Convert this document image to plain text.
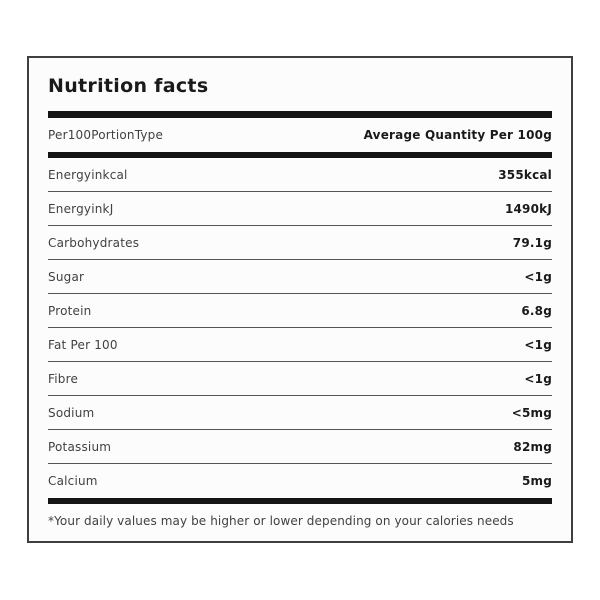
Nutrition facts
Per100PortionType	Average Quantity Per 100g
Energyinkcal	355kcal
EnergyinkJ	1490kJ
Carbohydrates	79.1g
Sugar	<1g
Protein	6.8g
Fat Per 100	<1g
Fibre	<1g
Sodium	<5mg
Potassium	82mg
Calcium	5mg
*Your daily values may be higher or lower depending on your calories needs
